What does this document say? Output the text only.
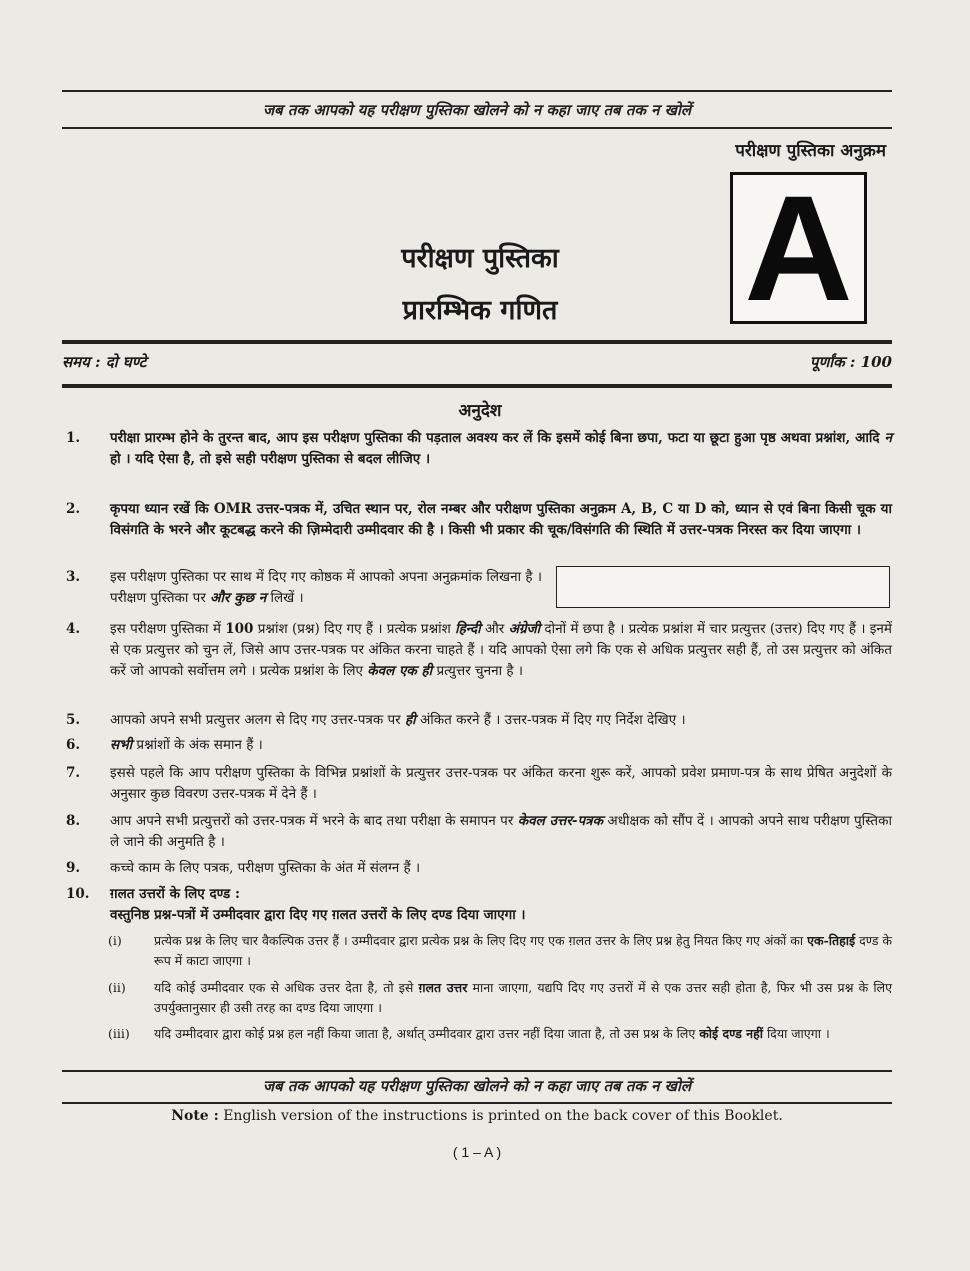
जब तक आपको यह परीक्षण पुस्तिका खोलने को न कहा जाए तब तक न खोलें
परीक्षण पुस्तिका अनुक्रम
A
परीक्षण पुस्तिका
प्रारम्भिक गणित
समय : दो घण्टे	पूर्णांक : 100
अनुदेश
1. परीक्षा प्रारम्भ होने के तुरन्त बाद, आप इस परीक्षण पुस्तिका की पड़ताल अवश्य कर लें कि इसमें कोई बिना छपा, फटा या छूटा हुआ पृष्ठ अथवा प्रश्नांश, आदि न हो । यदि ऐसा है, तो इसे सही परीक्षण पुस्तिका से बदल लीजिए ।
2. कृपया ध्यान रखें कि OMR उत्तर-पत्रक में, उचित स्थान पर, रोल नम्बर और परीक्षण पुस्तिका अनुक्रम A, B, C या D को, ध्यान से एवं बिना किसी चूक या विसंगति के भरने और कूटबद्ध करने की ज़िम्मेदारी उम्मीदवार की है । किसी भी प्रकार की चूक/विसंगति की स्थिति में उत्तर-पत्रक निरस्त कर दिया जाएगा ।
3. इस परीक्षण पुस्तिका पर साथ में दिए गए कोष्ठक में आपको अपना अनुक्रमांक लिखना है । परीक्षण पुस्तिका पर और कुछ न लिखें ।
4. इस परीक्षण पुस्तिका में 100 प्रश्नांश (प्रश्न) दिए गए हैं । प्रत्येक प्रश्नांश हिन्दी और अंग्रेजी दोनों में छपा है । प्रत्येक प्रश्नांश में चार प्रत्युत्तर (उत्तर) दिए गए हैं । इनमें से एक प्रत्युत्तर को चुन लें, जिसे आप उत्तर-पत्रक पर अंकित करना चाहते हैं । यदि आपको ऐसा लगे कि एक से अधिक प्रत्युत्तर सही हैं, तो उस प्रत्युत्तर को अंकित करें जो आपको सर्वोत्तम लगे । प्रत्येक प्रश्नांश के लिए केवल एक ही प्रत्युत्तर चुनना है ।
5. आपको अपने सभी प्रत्युत्तर अलग से दिए गए उत्तर-पत्रक पर ही अंकित करने हैं । उत्तर-पत्रक में दिए गए निर्देश देखिए ।
6. सभी प्रश्नांशों के अंक समान हैं ।
7. इससे पहले कि आप परीक्षण पुस्तिका के विभिन्न प्रश्नांशों के प्रत्युत्तर उत्तर-पत्रक पर अंकित करना शुरू करें, आपको प्रवेश प्रमाण-पत्र के साथ प्रेषित अनुदेशों के अनुसार कुछ विवरण उत्तर-पत्रक में देने हैं ।
8. आप अपने सभी प्रत्युत्तरों को उत्तर-पत्रक में भरने के बाद तथा परीक्षा के समापन पर केवल उत्तर-पत्रक अधीक्षक को सौंप दें । आपको अपने साथ परीक्षण पुस्तिका ले जाने की अनुमति है ।
9. कच्चे काम के लिए पत्रक, परीक्षण पुस्तिका के अंत में संलग्न हैं ।
10. ग़लत उत्तरों के लिए दण्ड :
वस्तुनिष्ठ प्रश्न-पत्रों में उम्मीदवार द्वारा दिए गए ग़लत उत्तरों के लिए दण्ड दिया जाएगा ।
(i)	प्रत्येक प्रश्न के लिए चार वैकल्पिक उत्तर हैं । उम्मीदवार द्वारा प्रत्येक प्रश्न के लिए दिए गए एक ग़लत उत्तर के लिए प्रश्न हेतु नियत किए गए अंकों का एक-तिहाई दण्ड के रूप में काटा जाएगा ।
(ii) यदि कोई उम्मीदवार एक से अधिक उत्तर देता है, तो इसे ग़लत उत्तर माना जाएगा, यद्यपि दिए गए उत्तरों में से एक उत्तर सही होता है, फिर भी उस प्रश्न के लिए उपर्युक्तानुसार ही उसी तरह का दण्ड दिया जाएगा ।
(iii) यदि उम्मीदवार द्वारा कोई प्रश्न हल नहीं किया जाता है, अर्थात् उम्मीदवार द्वारा उत्तर नहीं दिया जाता है, तो उस प्रश्न के लिए कोई दण्ड नहीं दिया जाएगा ।
जब तक आपको यह परीक्षण पुस्तिका खोलने को न कहा जाए तब तक न खोलें
Note : English version of the instructions is printed on the back cover of this Booklet.
( 1 – A )
